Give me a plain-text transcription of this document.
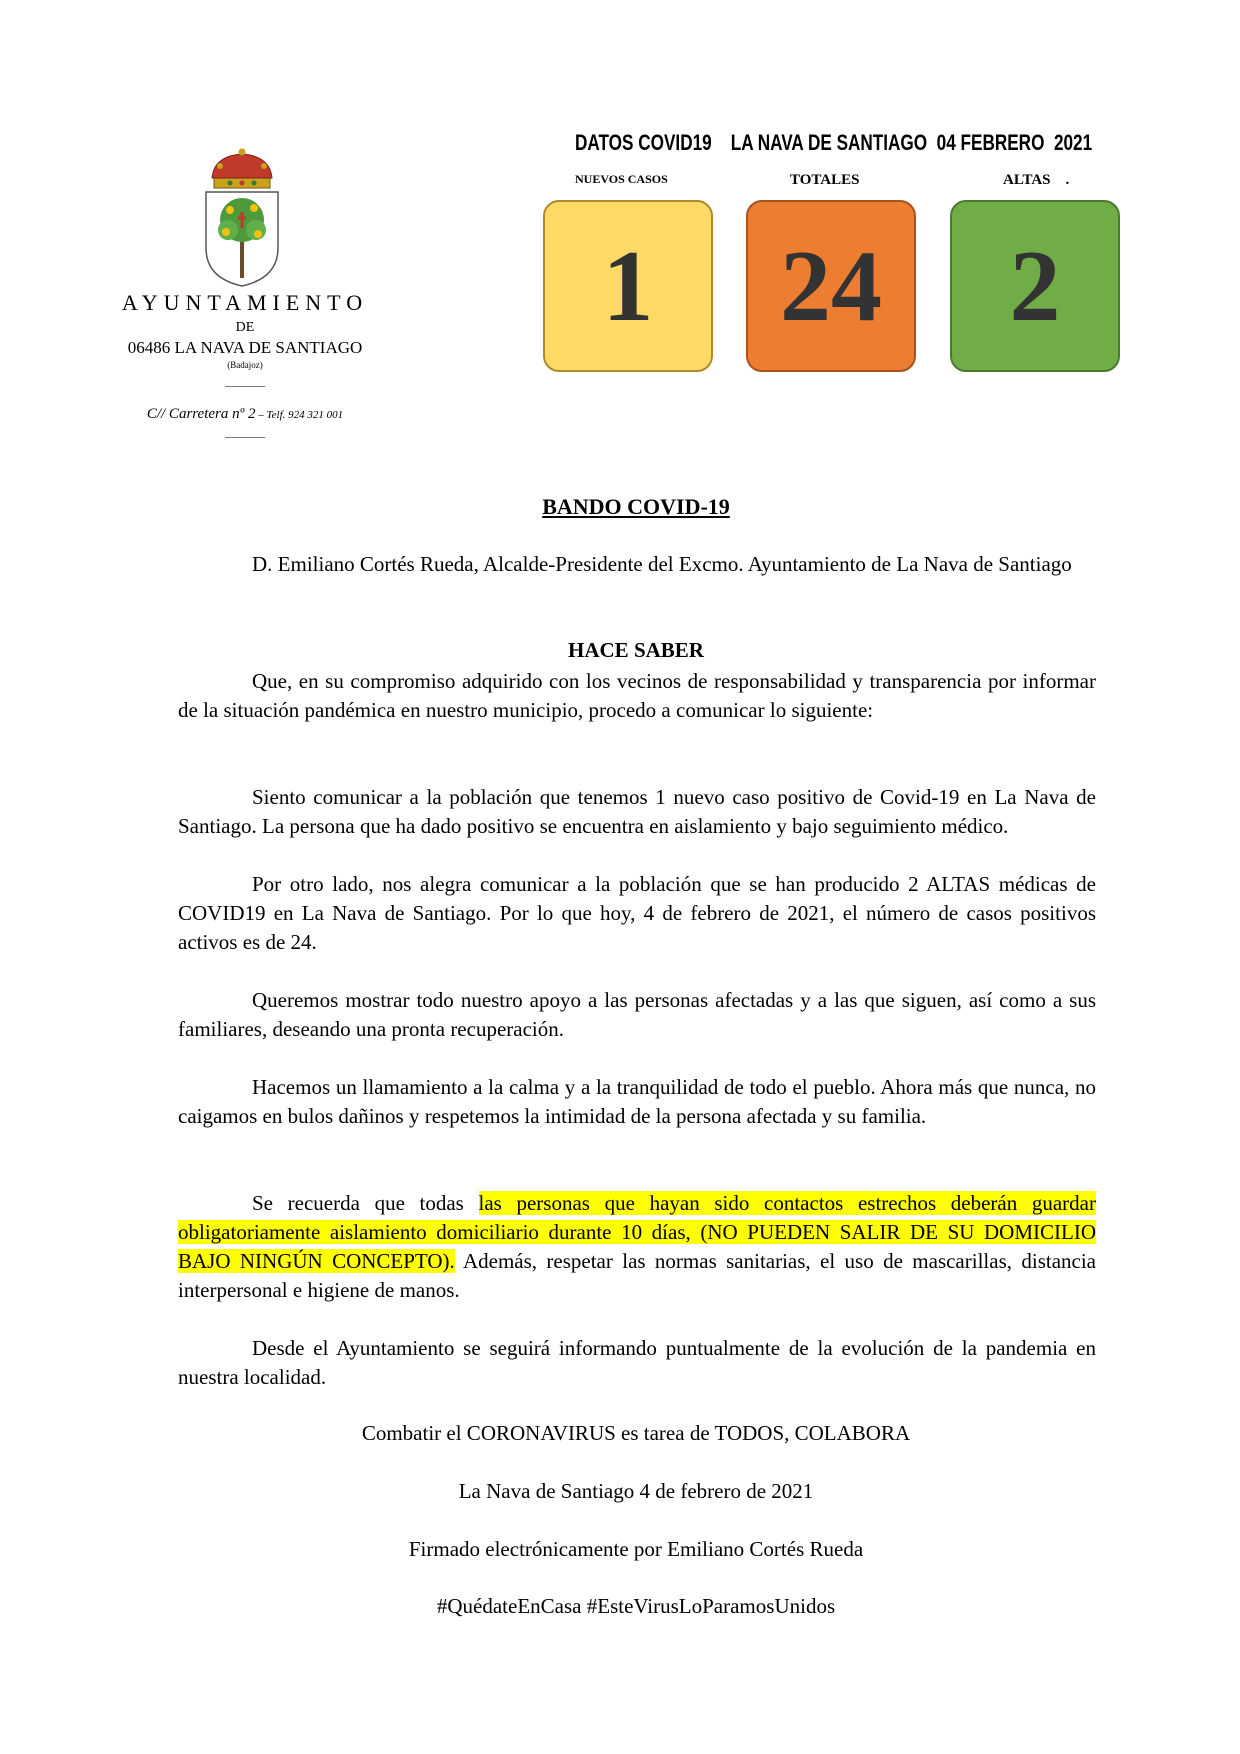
AYUNTAMIENTO
DE
06486 LA NAVA DE SANTIAGO
(Badajoz)
C// Carretera nº 2 – Telf. 924 321 001
DATOS COVID19    LA NAVA DE SANTIAGO  04 FEBRERO  2021
NUEVOS CASOS	TOTALES	ALTAS    .
1	24	2
BANDO COVID-19
D. Emiliano Cortés Rueda, Alcalde-Presidente del Excmo. Ayuntamiento de La Nava de Santiago
HACE SABER
Que, en su compromiso adquirido con los vecinos de responsabilidad y transparencia por informar de la situación pandémica en nuestro municipio, procedo a comunicar lo siguiente:
Siento comunicar a la población que tenemos 1 nuevo caso positivo de Covid-19 en La Nava de Santiago. La persona que ha dado positivo se encuentra en aislamiento y bajo seguimiento médico.
Por otro lado, nos alegra comunicar a la población que se han producido 2 ALTAS médicas de COVID19 en La Nava de Santiago. Por lo que hoy, 4 de febrero de 2021, el número de casos positivos activos es de 24.
Queremos mostrar todo nuestro apoyo a las personas afectadas y a las que siguen, así como a sus familiares, deseando una pronta recuperación.
Hacemos un llamamiento a la calma y a la tranquilidad de todo el pueblo. Ahora más que nunca, no caigamos en bulos dañinos y respetemos la intimidad de la persona afectada y su familia.
Se recuerda que todas las personas que hayan sido contactos estrechos deberán guardar obligatoriamente aislamiento domiciliario durante 10 días, (NO PUEDEN SALIR DE SU DOMICILIO BAJO NINGÚN CONCEPTO). Además, respetar las normas sanitarias, el uso de mascarillas, distancia interpersonal e higiene de manos.
Desde el Ayuntamiento se seguirá informando puntualmente de la evolución de la pandemia en nuestra localidad.
Combatir el CORONAVIRUS es tarea de TODOS, COLABORA
La Nava de Santiago 4 de febrero de 2021
Firmado electrónicamente por Emiliano Cortés Rueda
#QuédateEnCasa #EsteVirusLoParamosUnidos
